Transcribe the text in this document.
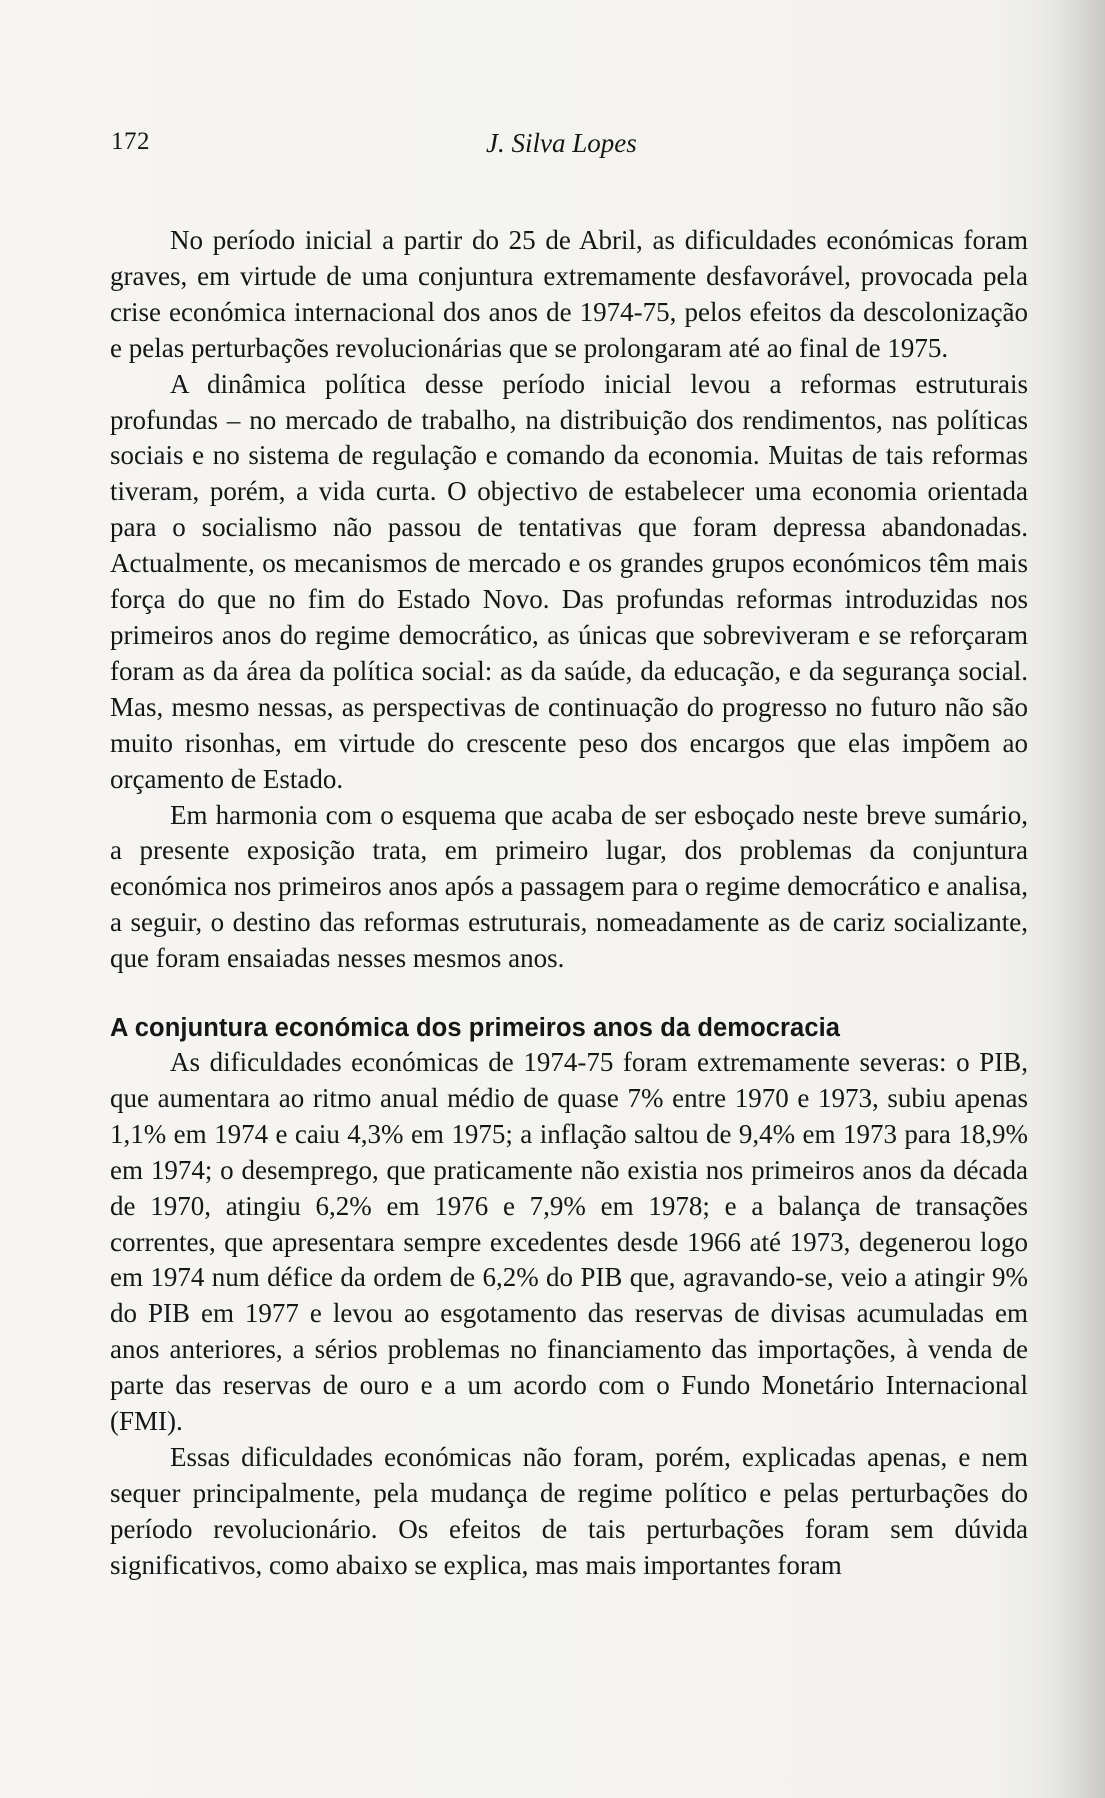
172	J. Silva Lopes

No período inicial a partir do 25 de Abril, as dificuldades económicas foram graves, em virtude de uma conjuntura extremamente desfavorável, provocada pela crise económica internacional dos anos de 1974-75, pelos efeitos da descolonização e pelas perturbações revolucionárias que se prolongaram até ao final de 1975.

A dinâmica política desse período inicial levou a reformas estruturais profundas – no mercado de trabalho, na distribuição dos rendimentos, nas políticas sociais e no sistema de regulação e comando da economia. Muitas de tais reformas tiveram, porém, a vida curta. O objectivo de estabelecer uma economia orientada para o socialismo não passou de tentativas que foram depressa abandonadas. Actualmente, os mecanismos de mercado e os grandes grupos económicos têm mais força do que no fim do Estado Novo. Das profundas reformas introduzidas nos primeiros anos do regime democrático, as únicas que sobreviveram e se reforçaram foram as da área da política social: as da saúde, da educação, e da segurança social. Mas, mesmo nessas, as perspectivas de continuação do progresso no futuro não são muito risonhas, em virtude do crescente peso dos encargos que elas impõem ao orçamento de Estado.

Em harmonia com o esquema que acaba de ser esboçado neste breve sumário, a presente exposição trata, em primeiro lugar, dos problemas da conjuntura económica nos primeiros anos após a passagem para o regime democrático e analisa, a seguir, o destino das reformas estruturais, nomeadamente as de cariz socializante, que foram ensaiadas nesses mesmos anos.

A conjuntura económica dos primeiros anos da democracia

As dificuldades económicas de 1974-75 foram extremamente severas: o PIB, que aumentara ao ritmo anual médio de quase 7% entre 1970 e 1973, subiu apenas 1,1% em 1974 e caiu 4,3% em 1975; a inflação saltou de 9,4% em 1973 para 18,9% em 1974; o desemprego, que praticamente não existia nos primeiros anos da década de 1970, atingiu 6,2% em 1976 e 7,9% em 1978; e a balança de transações correntes, que apresentara sempre excedentes desde 1966 até 1973, degenerou logo em 1974 num défice da ordem de 6,2% do PIB que, agravando-se, veio a atingir 9% do PIB em 1977 e levou ao esgotamento das reservas de divisas acumuladas em anos anteriores, a sérios problemas no financiamento das importações, à venda de parte das reservas de ouro e a um acordo com o Fundo Monetário Internacional (FMI).

Essas dificuldades económicas não foram, porém, explicadas apenas, e nem sequer principalmente, pela mudança de regime político e pelas perturbações do período revolucionário. Os efeitos de tais perturbações foram sem dúvida significativos, como abaixo se explica, mas mais importantes foram
